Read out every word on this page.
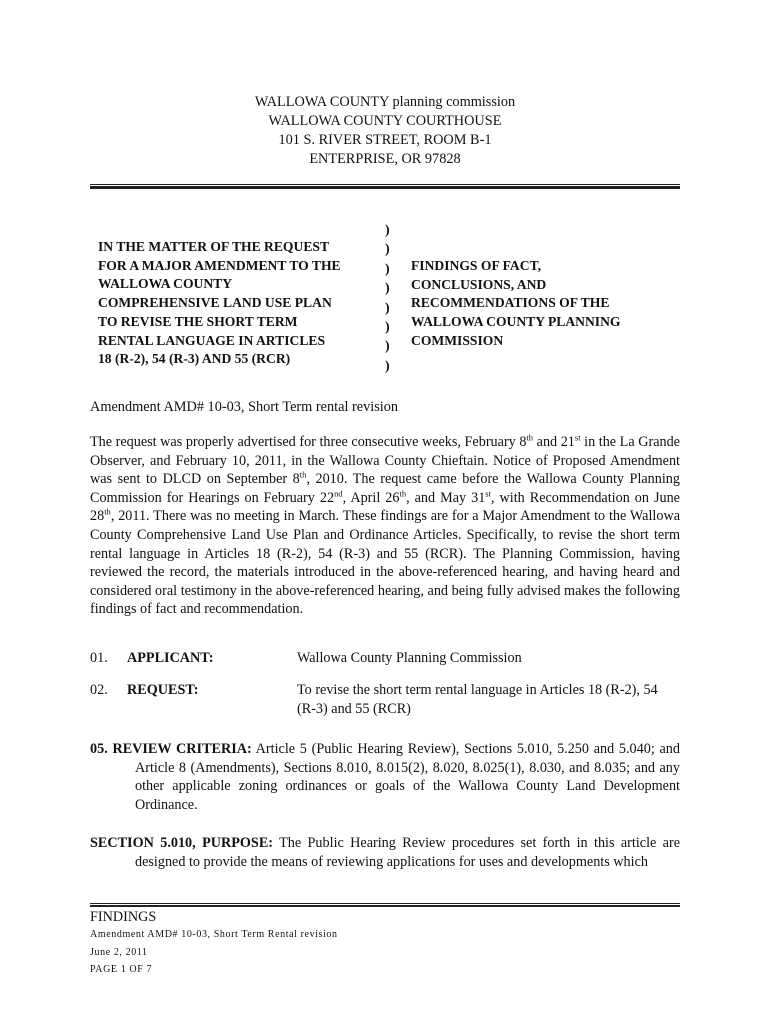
WALLOWA COUNTY planning commission
WALLOWA COUNTY COURTHOUSE
101 S. RIVER STREET, ROOM B-1
ENTERPRISE, OR 97828
IN THE MATTER OF THE REQUEST
FOR A MAJOR AMENDMENT TO THE
WALLOWA COUNTY
COMPREHENSIVE LAND USE PLAN
TO REVISE THE SHORT TERM
RENTAL LANGUAGE IN ARTICLES
18 (R-2), 54 (R-3) AND 55 (RCR)
)
)
)
)
)
)
)
)
FINDINGS OF FACT,
CONCLUSIONS, AND
RECOMMENDATIONS OF THE
WALLOWA COUNTY PLANNING
COMMISSION
Amendment AMD# 10-03, Short Term rental revision

The request was properly advertised for three consecutive weeks, February 8th and 21st in the La Grande Observer, and February 10, 2011, in the Wallowa County Chieftain. Notice of Proposed Amendment was sent to DLCD on September 8th, 2010. The request came before the Wallowa County Planning Commission for Hearings on February 22nd, April 26th, and May 31st, with Recommendation on June 28th, 2011. There was no meeting in March. These findings are for a Major Amendment to the Wallowa County Comprehensive Land Use Plan and Ordinance Articles. Specifically, to revise the short term rental language in Articles 18 (R-2), 54 (R-3) and 55 (RCR). The Planning Commission, having reviewed the record, the materials introduced in the above-referenced hearing, and having heard and considered oral testimony in the above-referenced hearing, and being fully advised makes the following findings of fact and recommendation.

01. APPLICANT:	Wallowa County Planning Commission
02. REQUEST:	To revise the short term rental language in Articles 18 (R-2), 54 (R-3) and 55 (RCR)
05. REVIEW CRITERIA: Article 5 (Public Hearing Review), Sections 5.010, 5.250 and 5.040; and Article 8 (Amendments), Sections 8.010, 8.015(2), 8.020, 8.025(1), 8.030, and 8.035; and any other applicable zoning ordinances or goals of the Wallowa County Land Development Ordinance.
SECTION 5.010, PURPOSE: The Public Hearing Review procedures set forth in this article are designed to provide the means of reviewing applications for uses and developments which
FINDINGS
Amendment AMD# 10-03, Short Term Rental revision
June 2, 2011
PAGE 1 OF 7
